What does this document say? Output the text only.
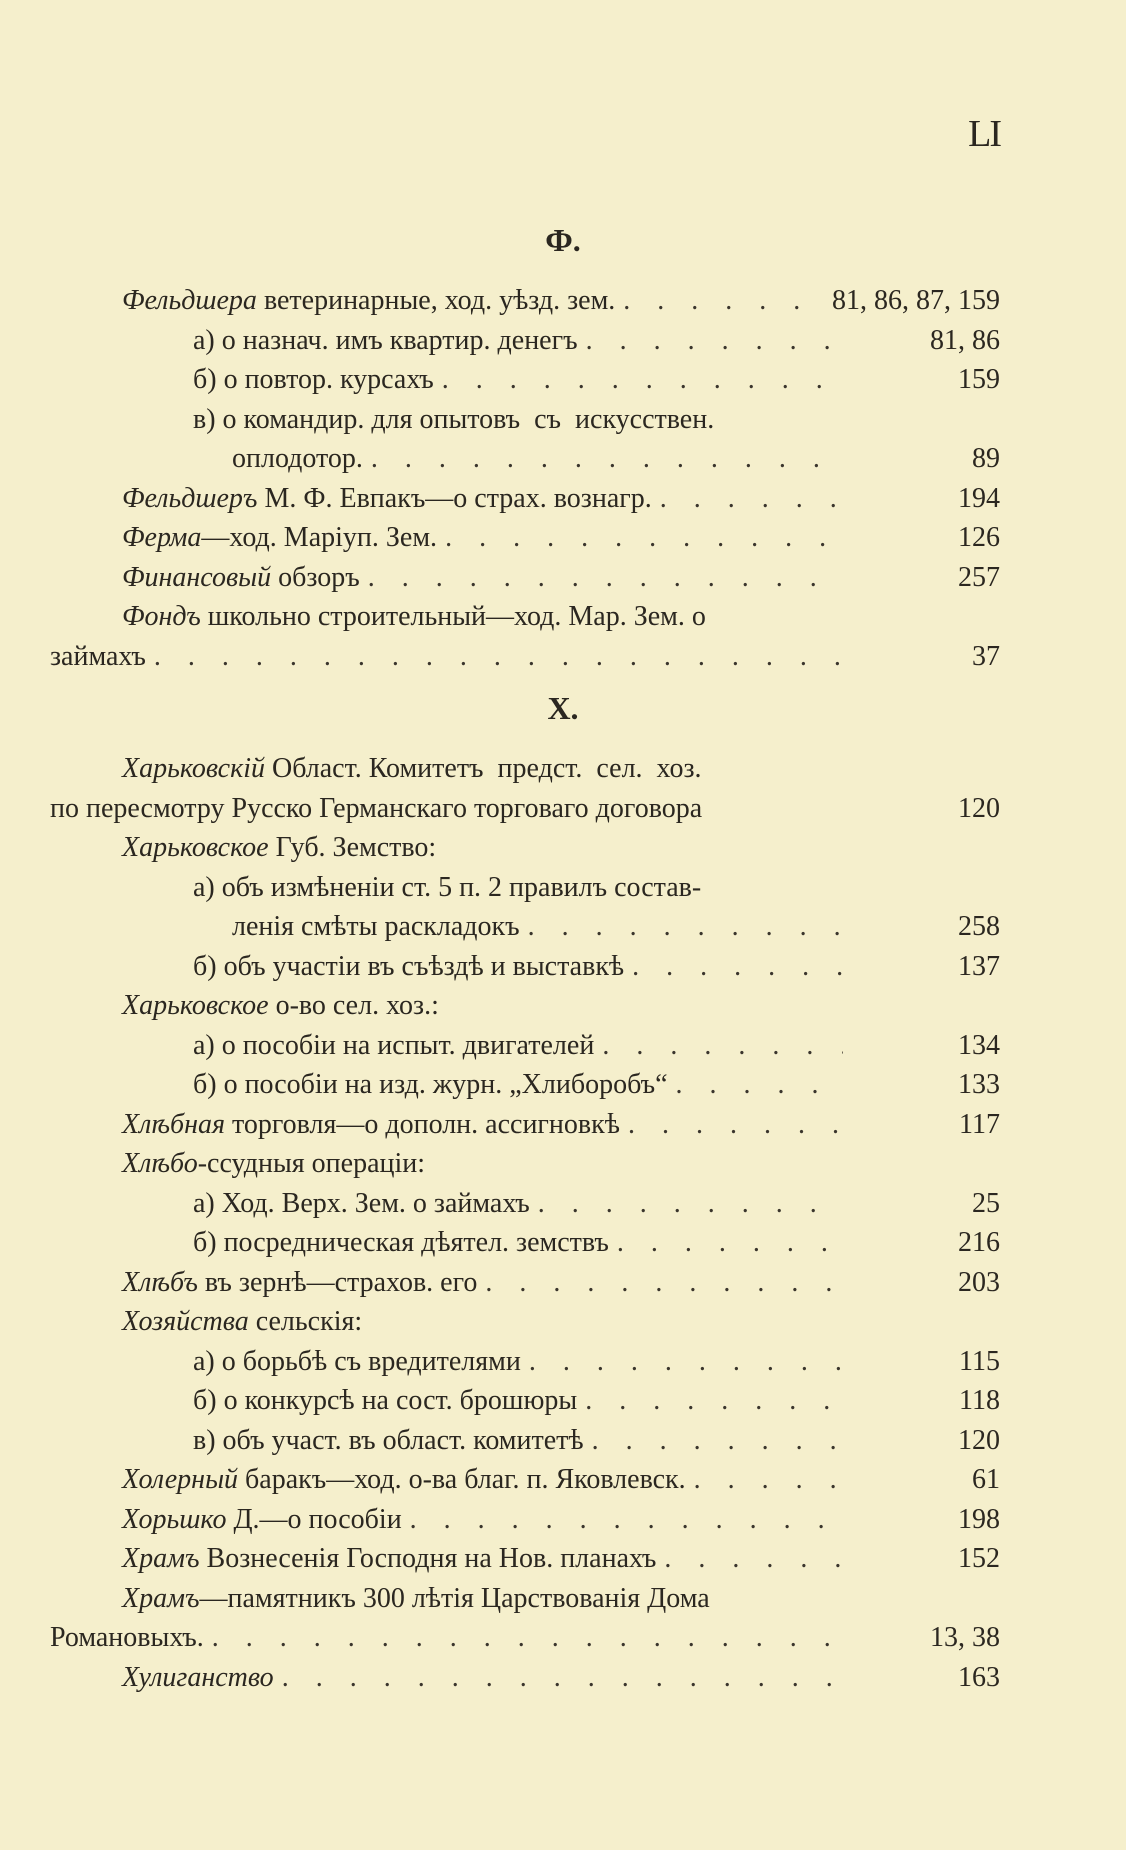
LI
Ф.
Фельдшера ветеринарные, ход. уѣзд. зем. . . .	81, 86, 87, 159
а) о назнач. имъ квартир. денегъ . . .	81, 86
б) о повтор. курсахъ . . .	159
в) о командир. для опытовъ  съ  искусствен.
оплодотор. . . .	89
Фельдшеръ М. Ф. Евпакъ—о страх. вознагр. . . .	194
Ферма —ход. Маріуп. Зем. . . .	126
Финансовый обзоръ . . .	257
Фондъ школьно строительный—ход. Мар. Зем. о
займахъ . . .	37
Х.
Харьковскій Област. Комитетъ  предст.  сел.  хоз.
по пересмотру Русско Германскаго торговаго договора	120
Харьковское Губ. Земство:
а) объ измѣненіи ст. 5 п. 2 правилъ состав-
ленія смѣты раскладокъ . . .	258
б) объ участіи въ съѣздѣ и выставкѣ . . .	137
Харьковское о-во сел. хоз.:
а) о пособіи на испыт. двигателей . . .	134
б) о пособіи на изд. журн. „Хлиборобъ“ . . .	133
Хлѣбная торговля—о дополн. ассигновкѣ . . .	117
Хлѣбо -ссудныя операціи:
а) Ход. Верх. Зем. о займахъ . . .	25
б) посредническая дѣятел. земствъ . . .	216
Хлѣбъ въ зернѣ—страхов. его . . .	203
Хозяйства сельскія:
а) о борьбѣ съ вредителями . . .	115
б) о конкурсѣ на сост. брошюры . . .	118
в) объ участ. въ област. комитетѣ . . .	120
Холерный баракъ—ход. о-ва благ. п. Яковлевск. . . .	61
Хорьшко Д.—о пособіи . . .	198
Храмъ Вознесенія Господня на Нов. планахъ . . .	152
Храмъ —памятникъ 300 лѣтія Царствованія Дома
Романовыхъ. . . .	13, 38
Хулиганство . . .	163
